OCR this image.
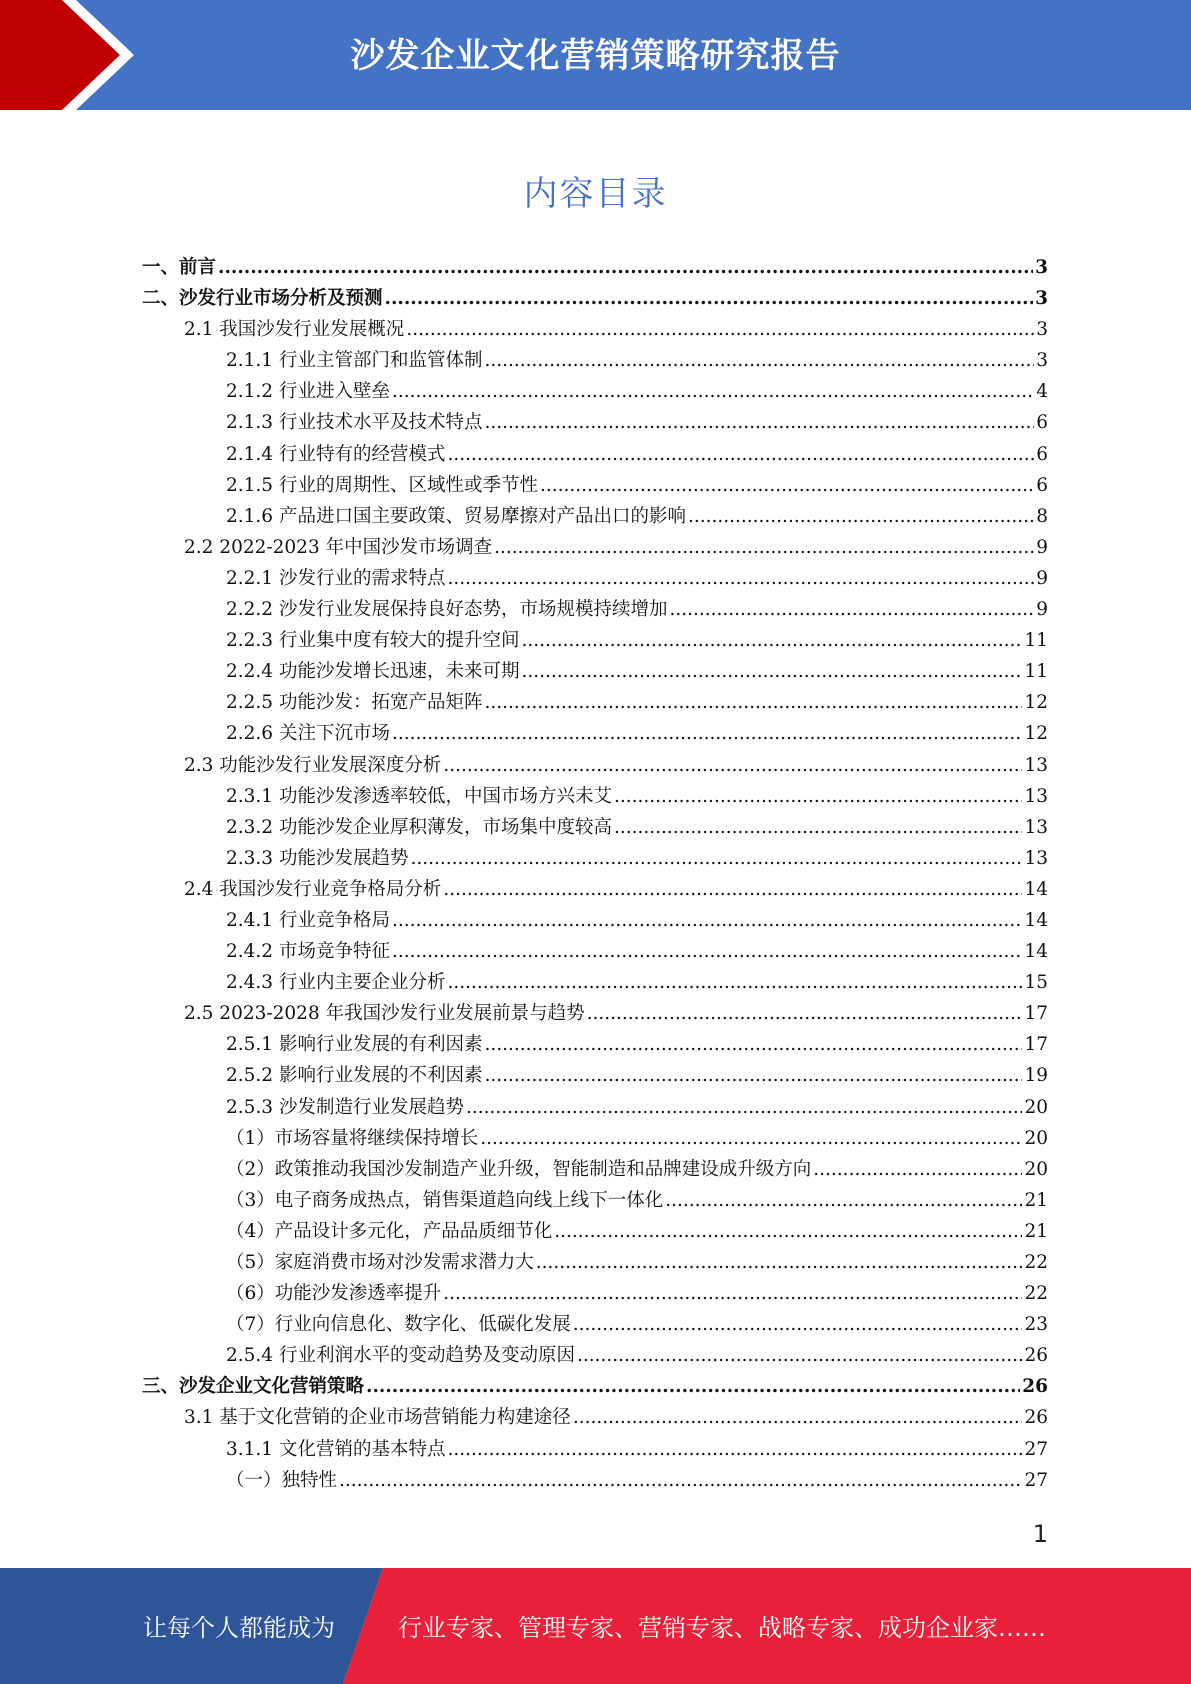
沙发企业文化营销策略研究报告
内容目录
一、前言 .....	3
二、沙发行业市场分析及预测 .....	3
2.1 我国沙发行业发展概况 .....	3
2.1.1 行业主管部门和监管体制 .....	3
2.1.2 行业进入壁垒 .....	4
2.1.3 行业技术水平及技术特点 .....	6
2.1.4 行业特有的经营模式 .....	6
2.1.5 行业的周期性、区域性或季节性 .....	6
2.1.6 产品进口国主要政策、贸易摩擦对产品出口的影响 .....	8
2.2 2022-2023 年中国沙发市场调查 .....	9
2.2.1 沙发行业的需求特点 .....	9
2.2.2 沙发行业发展保持良好态势，市场规模持续增加 .....	9
2.2.3 行业集中度有较大的提升空间 .....	11
2.2.4 功能沙发增长迅速，未来可期 .....	11
2.2.5 功能沙发：拓宽产品矩阵 .....	12
2.2.6 关注下沉市场 .....	12
2.3 功能沙发行业发展深度分析 .....	13
2.3.1 功能沙发渗透率较低，中国市场方兴未艾 .....	13
2.3.2 功能沙发企业厚积薄发，市场集中度较高 .....	13
2.3.3 功能沙发展趋势 .....	13
2.4 我国沙发行业竞争格局分析 .....	14
2.4.1 行业竞争格局 .....	14
2.4.2 市场竞争特征 .....	14
2.4.3 行业内主要企业分析 .....	15
2.5 2023-2028 年我国沙发行业发展前景与趋势 .....	17
2.5.1 影响行业发展的有利因素 .....	17
2.5.2 影响行业发展的不利因素 .....	19
2.5.3 沙发制造行业发展趋势 .....	20
（1）市场容量将继续保持增长 .....	20
（2）政策推动我国沙发制造产业升级，智能制造和品牌建设成升级方向 .....	20
（3）电子商务成热点，销售渠道趋向线上线下一体化 .....	21
（4）产品设计多元化，产品品质细节化 .....	21
（5）家庭消费市场对沙发需求潜力大 .....	22
（6）功能沙发渗透率提升 .....	22
（7）行业向信息化、数字化、低碳化发展 .....	23
2.5.4 行业利润水平的变动趋势及变动原因 .....	26
三、沙发企业文化营销策略 .....	26
3.1 基于文化营销的企业市场营销能力构建途径 .....	26
3.1.1 文化营销的基本特点 .....	27
（一）独特性 .....	27
1
让每个人都能成为	行业专家、管理专家、营销专家、战略专家、成功企业家……
